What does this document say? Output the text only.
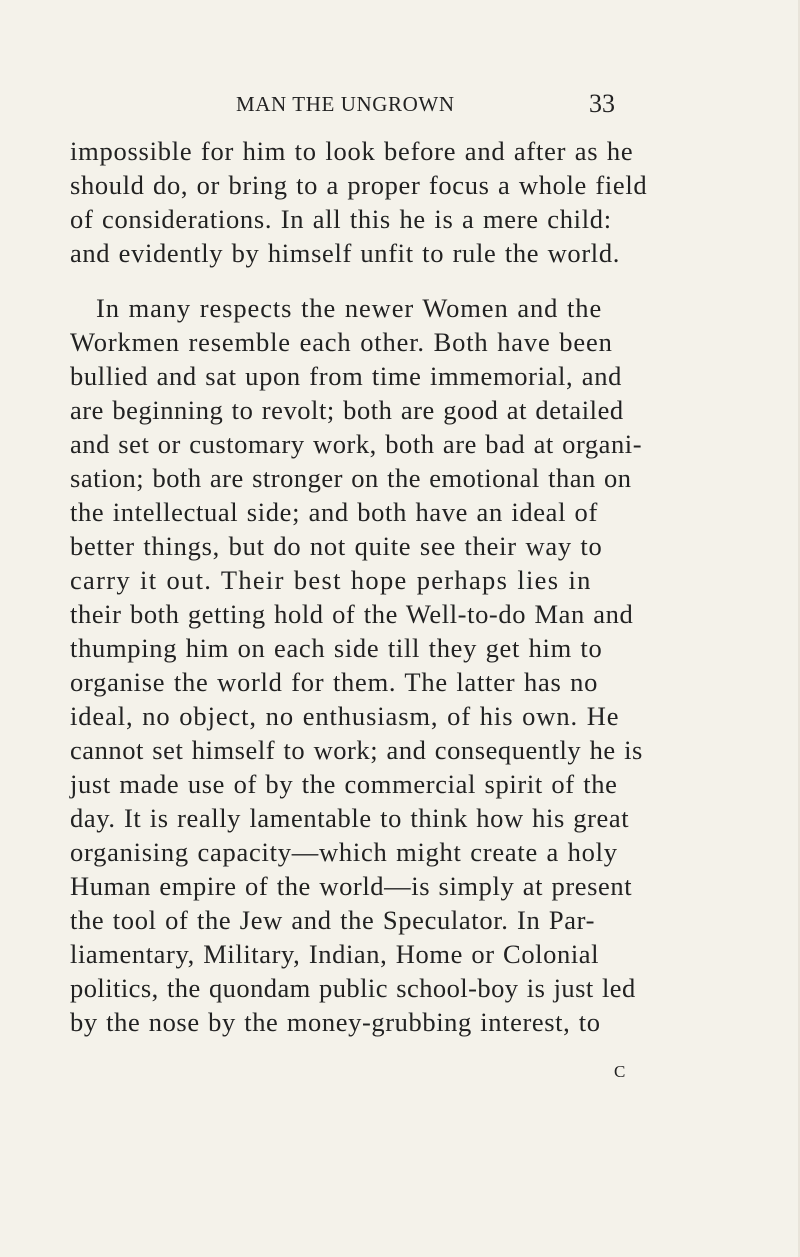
MAN THE UNGROWN	33
impossible for him to look before and after as he
should do, or bring to a proper focus a whole field
of considerations. In all this he is a mere child:
and evidently by himself unfit to rule the world.
In many respects the newer Women and the
Workmen resemble each other. Both have been
bullied and sat upon from time immemorial, and
are beginning to revolt; both are good at detailed
and set or customary work, both are bad at organi-
sation; both are stronger on the emotional than on
the intellectual side; and both have an ideal of
better things, but do not quite see their way to
carry it out. Their best hope perhaps lies in
their both getting hold of the Well-to-do Man and
thumping him on each side till they get him to
organise the world for them. The latter has no
ideal, no object, no enthusiasm, of his own. He
cannot set himself to work; and consequently he is
just made use of by the commercial spirit of the
day. It is really lamentable to think how his great
organising capacity—which might create a holy
Human empire of the world—is simply at present
the tool of the Jew and the Speculator. In Par-
liamentary, Military, Indian, Home or Colonial
politics, the quondam public school-boy is just led
by the nose by the money-grubbing interest, to
C
